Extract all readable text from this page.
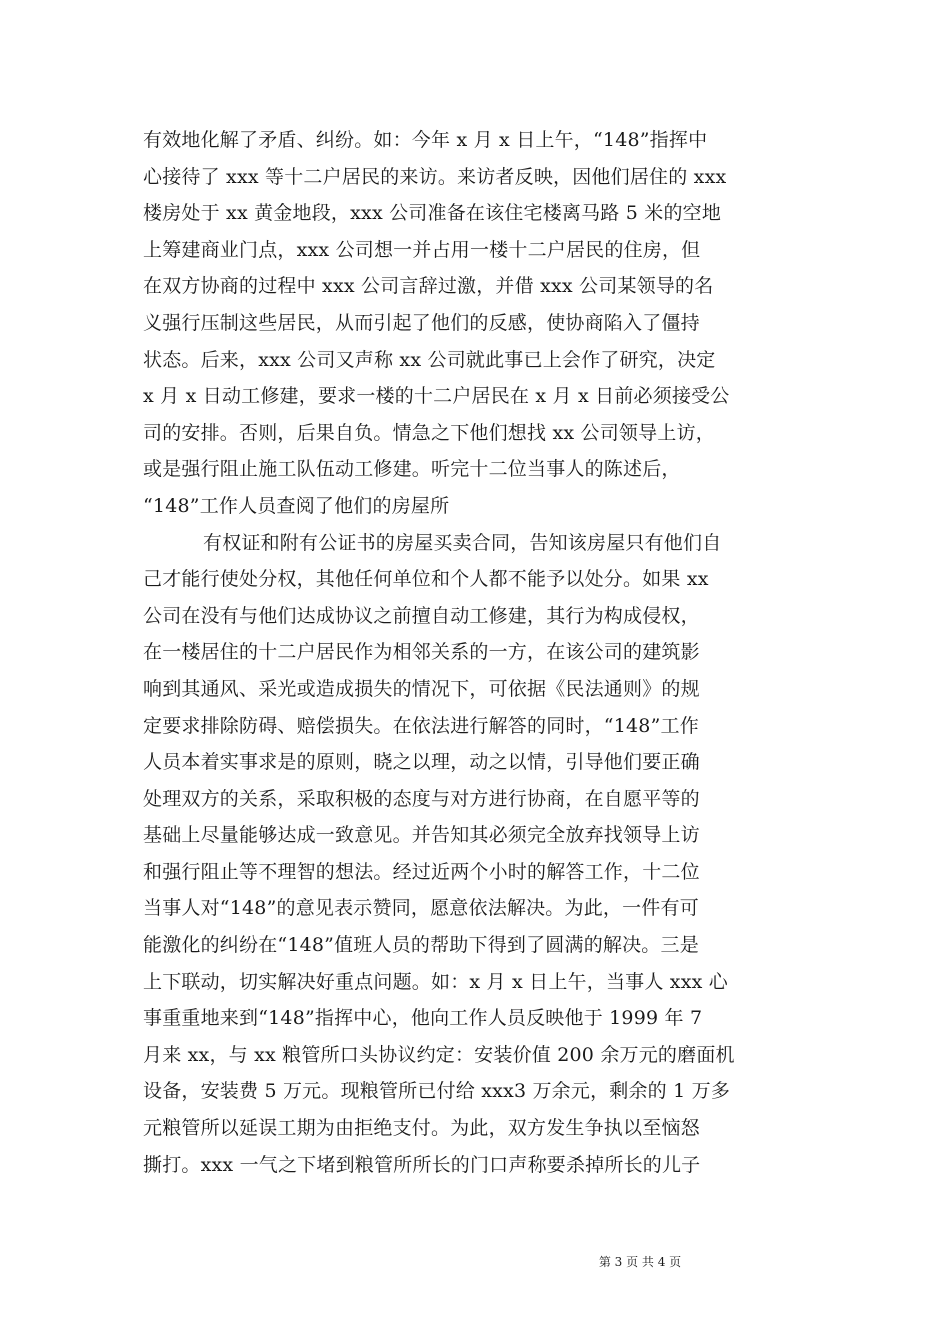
有效地化解了矛盾、纠纷。如：今年 x 月 x 日上午，“148”指挥中
心接待了 xxx 等十二户居民的来访。来访者反映，因他们居住的 xxx
楼房处于 xx 黄金地段，xxx 公司准备在该住宅楼离马路 5 米的空地
上筹建商业门点，xxx 公司想一并占用一楼十二户居民的住房，但
在双方协商的过程中 xxx 公司言辞过激，并借 xxx 公司某领导的名
义强行压制这些居民，从而引起了他们的反感，使协商陷入了僵持
状态。后来，xxx 公司又声称 xx 公司就此事已上会作了研究，决定
x 月 x 日动工修建，要求一楼的十二户居民在 x 月 x 日前必须接受公
司的安排。否则，后果自负。情急之下他们想找 xx 公司领导上访，
或是强行阻止施工队伍动工修建。听完十二位当事人的陈述后，
“148”工作人员查阅了他们的房屋所
有权证和附有公证书的房屋买卖合同，告知该房屋只有他们自
己才能行使处分权，其他任何单位和个人都不能予以处分。如果 xx
公司在没有与他们达成协议之前擅自动工修建，其行为构成侵权，
在一楼居住的十二户居民作为相邻关系的一方，在该公司的建筑影
响到其通风、采光或造成损失的情况下，可依据《民法通则》的规
定要求排除防碍、赔偿损失。在依法进行解答的同时，“148”工作
人员本着实事求是的原则，晓之以理，动之以情，引导他们要正确
处理双方的关系，采取积极的态度与对方进行协商，在自愿平等的
基础上尽量能够达成一致意见。并告知其必须完全放弃找领导上访
和强行阻止等不理智的想法。经过近两个小时的解答工作，十二位
当事人对“148”的意见表示赞同，愿意依法解决。为此，一件有可
能激化的纠纷在“148”值班人员的帮助下得到了圆满的解决。三是
上下联动，切实解决好重点问题。如：x 月 x 日上午，当事人 xxx 心
事重重地来到“148”指挥中心，他向工作人员反映他于 1999 年 7
月来 xx，与 xx 粮管所口头协议约定：安装价值 200 余万元的磨面机
设备，安装费 5 万元。现粮管所已付给 xxx3 万余元，剩余的 1 万多
元粮管所以延误工期为由拒绝支付。为此，双方发生争执以至恼怒
撕打。xxx 一气之下堵到粮管所所长的门口声称要杀掉所长的儿子
第 3 页 共 4 页
